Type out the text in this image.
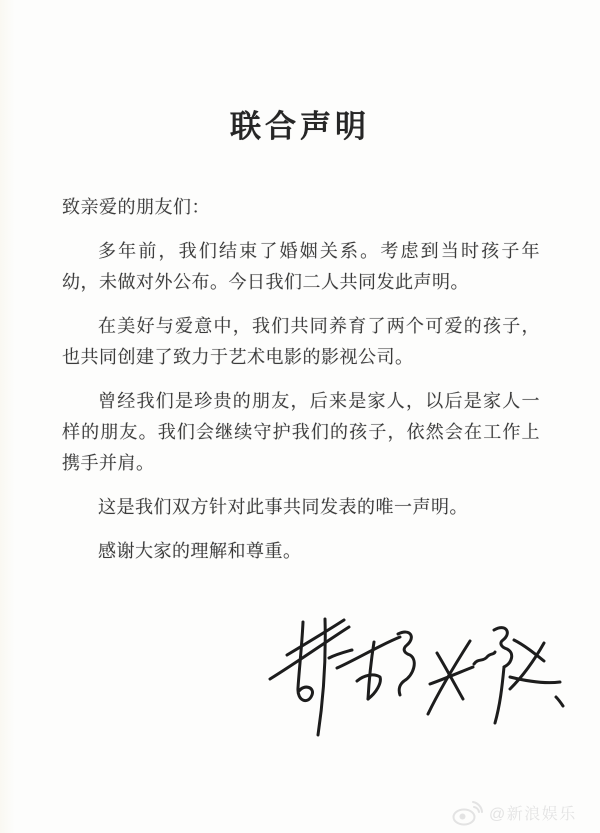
联合声明

致亲爱的朋友们：

多年前，我们结束了婚姻关系。考虑到当时孩子年幼，未做对外公布。今日我们二人共同发此声明。

在美好与爱意中，我们共同养育了两个可爱的孩子，也共同创建了致力于艺术电影的影视公司。

曾经我们是珍贵的朋友，后来是家人，以后是家人一样的朋友。我们会继续守护我们的孩子，依然会在工作上携手并肩。

这是我们双方针对此事共同发表的唯一声明。

感谢大家的理解和尊重。

@新浪娱乐
